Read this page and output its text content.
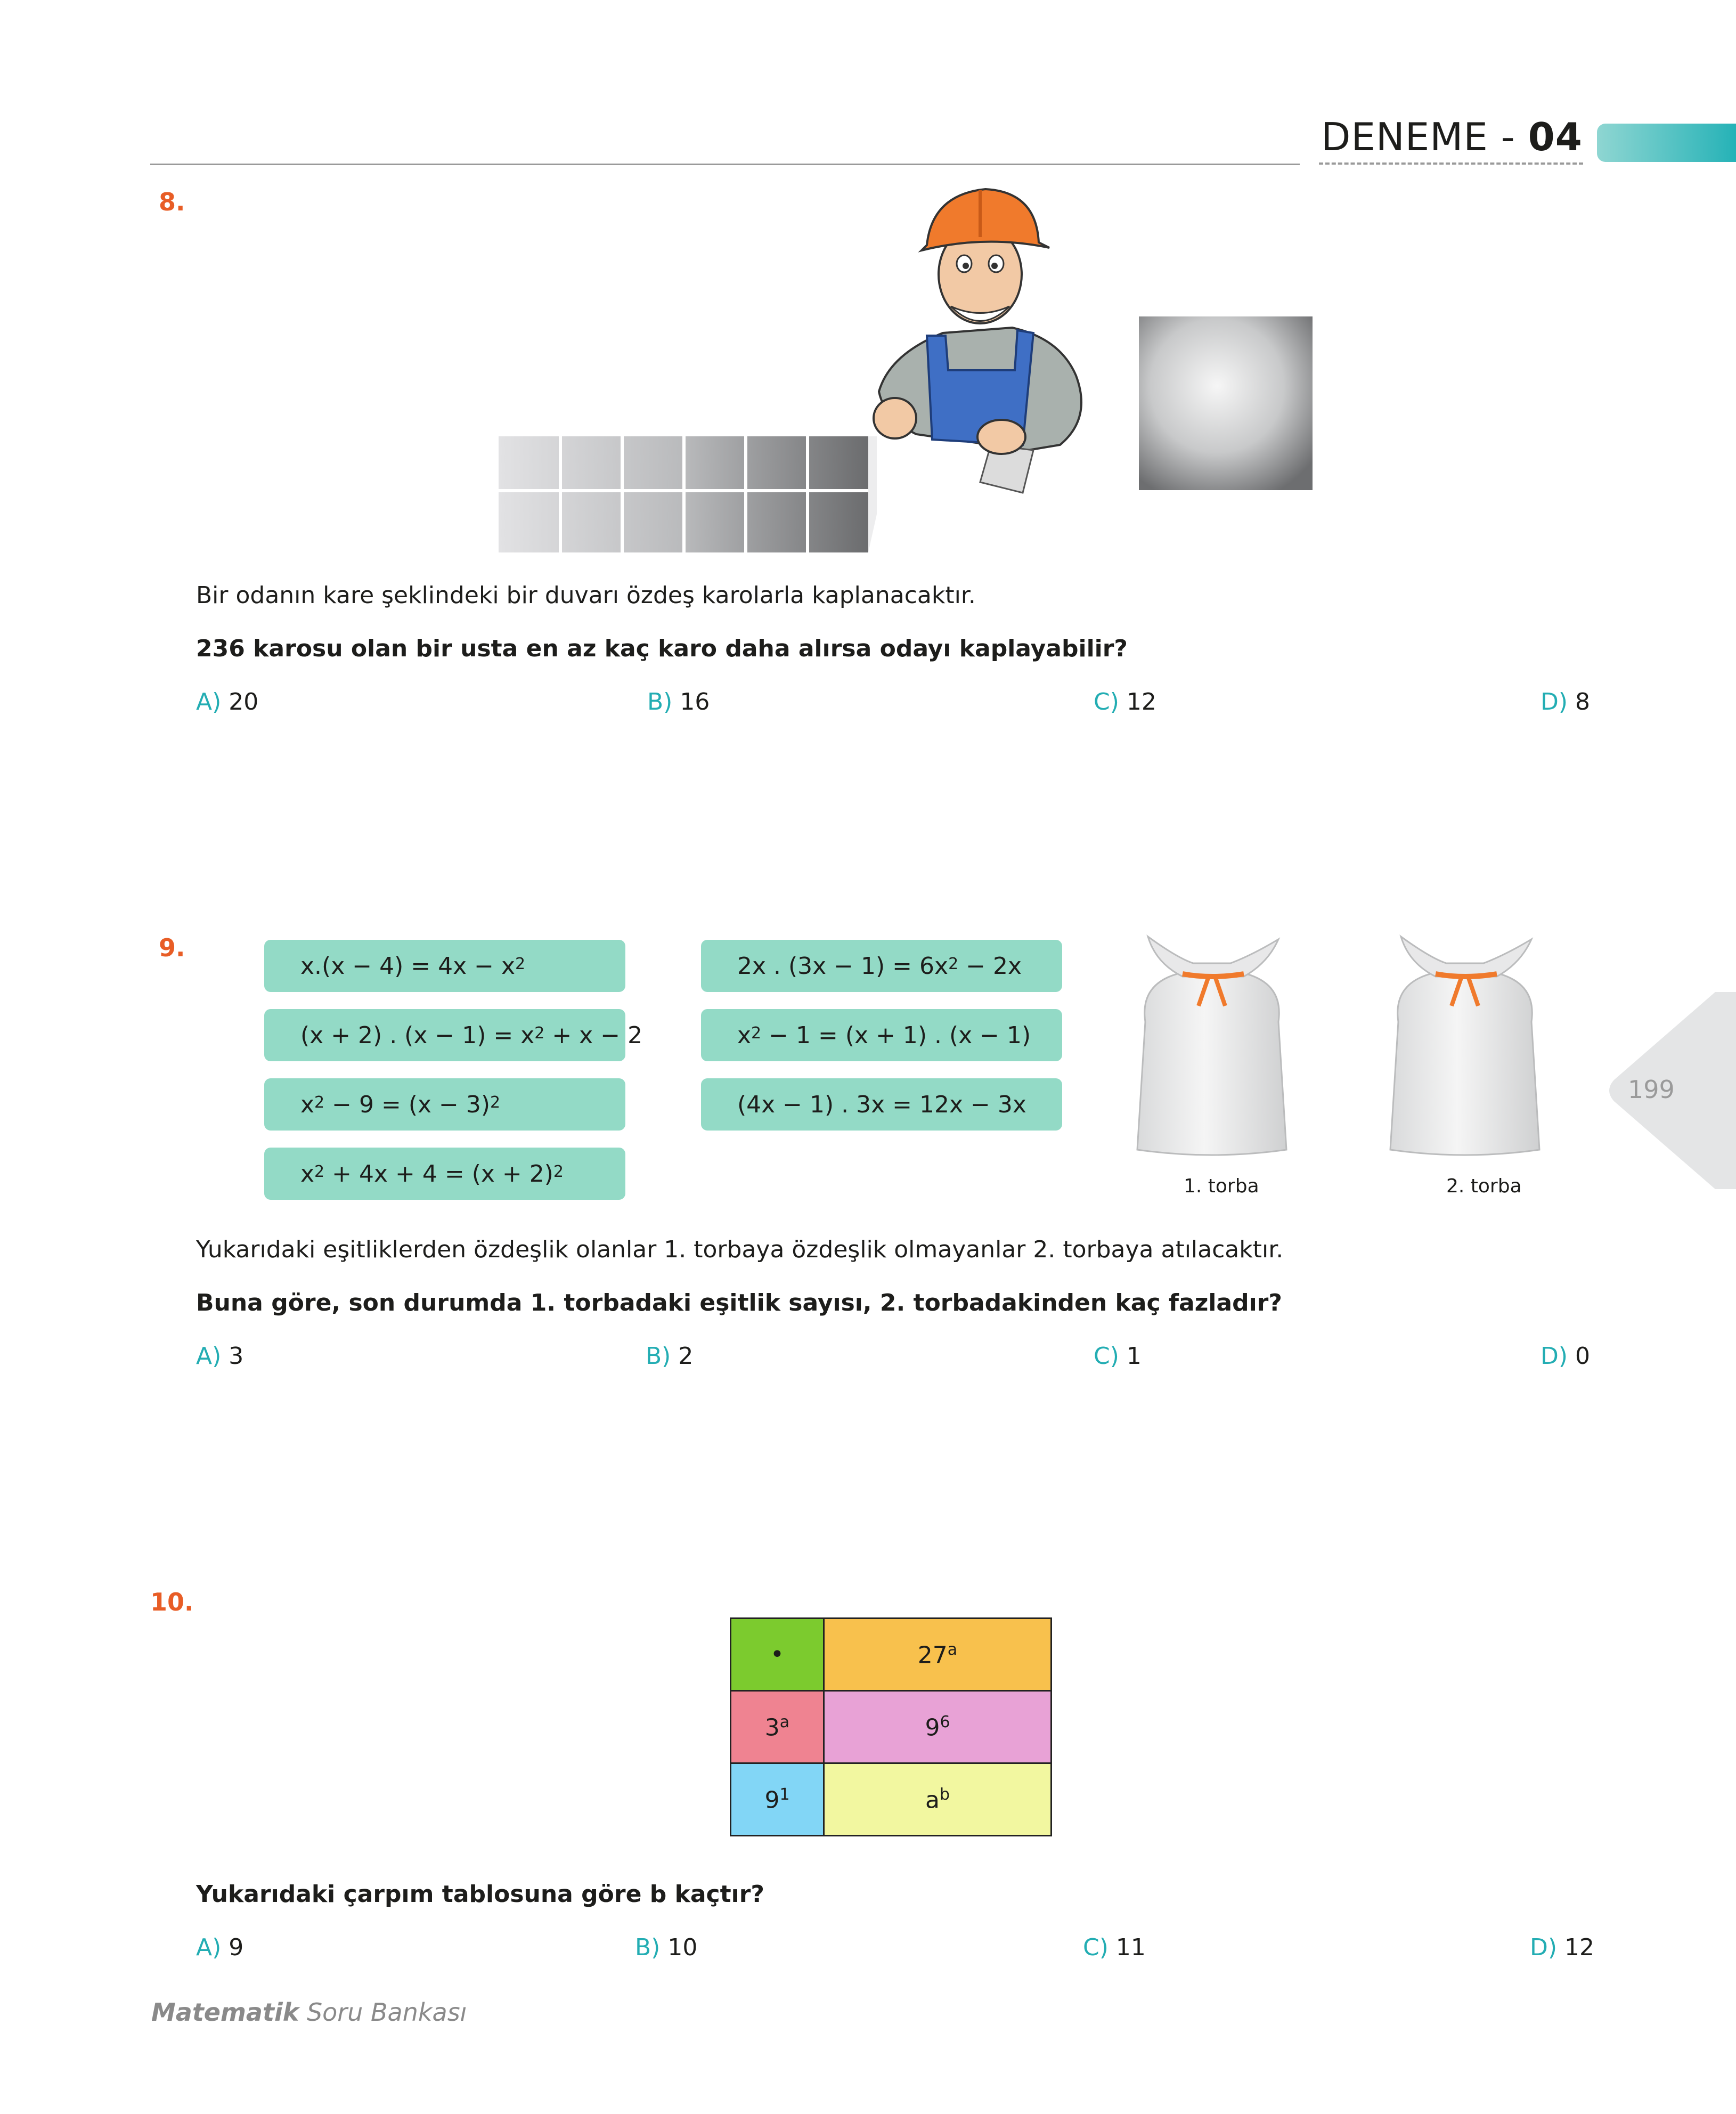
DENEME - 04
199
8.
Bir odanın kare şeklindeki bir duvarı özdeş karolarla kaplanacaktır.
236 karosu olan bir usta en az kaç karo daha alırsa odayı kaplayabilir?
A) 20	B) 16	C) 12	D) 8
9.
$x.(x - 4) = 4x - x^2$	2x . $(3x - 1) = 6x^2 - 2x$
(x + 2) . $(x - 1) = x^2 + x - 2$	$x^2 - 1 = (x + 1)$ . (x − 1)
$x^2 - 9 = (x - 3)^2$	(4x − 1) . 3x = 12x − 3x
$x^2 + 4x + 4 = (x + 2)^2$
1. torba	2. torba
Yukarıdaki eşitliklerden özdeşlik olanlar 1. torbaya özdeşlik olmayanlar 2. torbaya atılacaktır.
Buna göre, son durumda 1. torbadaki eşitlik sayısı, 2. torbadakinden kaç fazladır?
A) 3	B) 2	C) 1	D) 0
10.
•	27$^a$
3$^a$	$9^6$
$9^1$	$a^b$
Yukarıdaki çarpım tablosuna göre b kaçtır?
A) 9	B) 10	C) 11	D) 12
Matematik Soru Bankası
